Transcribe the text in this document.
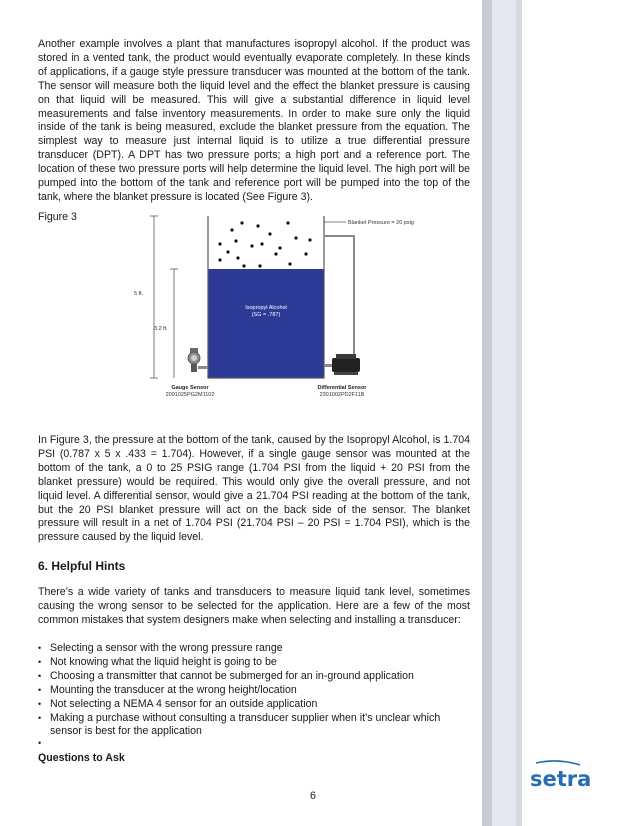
Another example involves a plant that manufactures isopropyl alcohol. If the product was stored in a vented tank, the product would eventually evaporate completely. In these kinds of applications, if a gauge style pressure transducer was mounted at the bottom of the tank. The sensor will measure both the liquid level and the effect the blanket pressure is causing on that liquid will be measured. This will give a substantial difference in liquid level measurements and false inventory measurements. In order to make sure only the liquid inside of the tank is being measured, exclude the blanket pressure from the equation. The simplest way to measure just internal liquid is to utilize a true differential pressure transducer (DPT). A DPT has two pressure ports; a high port and a reference port. The location of these two pressure ports will help determine the liquid level. The high port will be pumped into the bottom of the tank and reference port will be pumped into the top of the tank, where the blanket pressure is located (See Figure 3).

Figure 3

Isopropyl Alcohol
(SG = .787)
Blanket Pressure = 20 psig
5 ft.
3.2 ft.
Gauge Sensor
2091025PG2M1102
Differential Sensor
2301002PD2F11B

In Figure 3, the pressure at the bottom of the tank, caused by the Isopropyl Alcohol, is 1.704 PSI (0.787 x 5 x .433 = 1.704). However, if a single gauge sensor was mounted at the bottom of the tank, a 0 to 25 PSIG range (1.704 PSI from the liquid + 20 PSI from the blanket pressure) would be required. This would only give the overall pressure, and not liquid level. A differential sensor, would give a 21.704 PSI reading at the bottom of the tank, but the 20 PSI blanket pressure will act on the back side of the sensor. The blanket pressure will result in a net of 1.704 PSI (21.704 PSI – 20 PSI = 1.704 PSI), which is the pressure caused by the liquid level.

6. Helpful Hints

There’s a wide variety of tanks and transducers to measure liquid tank level, sometimes causing the wrong sensor to be selected for the application. Here are a few of the most common mistakes that system designers make when selecting and installing a transducer:

• Selecting a sensor with the wrong pressure range
• Not knowing what the liquid height is going to be
• Choosing a transmitter that cannot be submerged for an in-ground application
• Mounting the transducer at the wrong height/location
• Not selecting a NEMA 4 sensor for an outside application
• Making a purchase without consulting a transducer supplier when it’s unclear which sensor is best for the application

•

Questions to Ask

6

setra
